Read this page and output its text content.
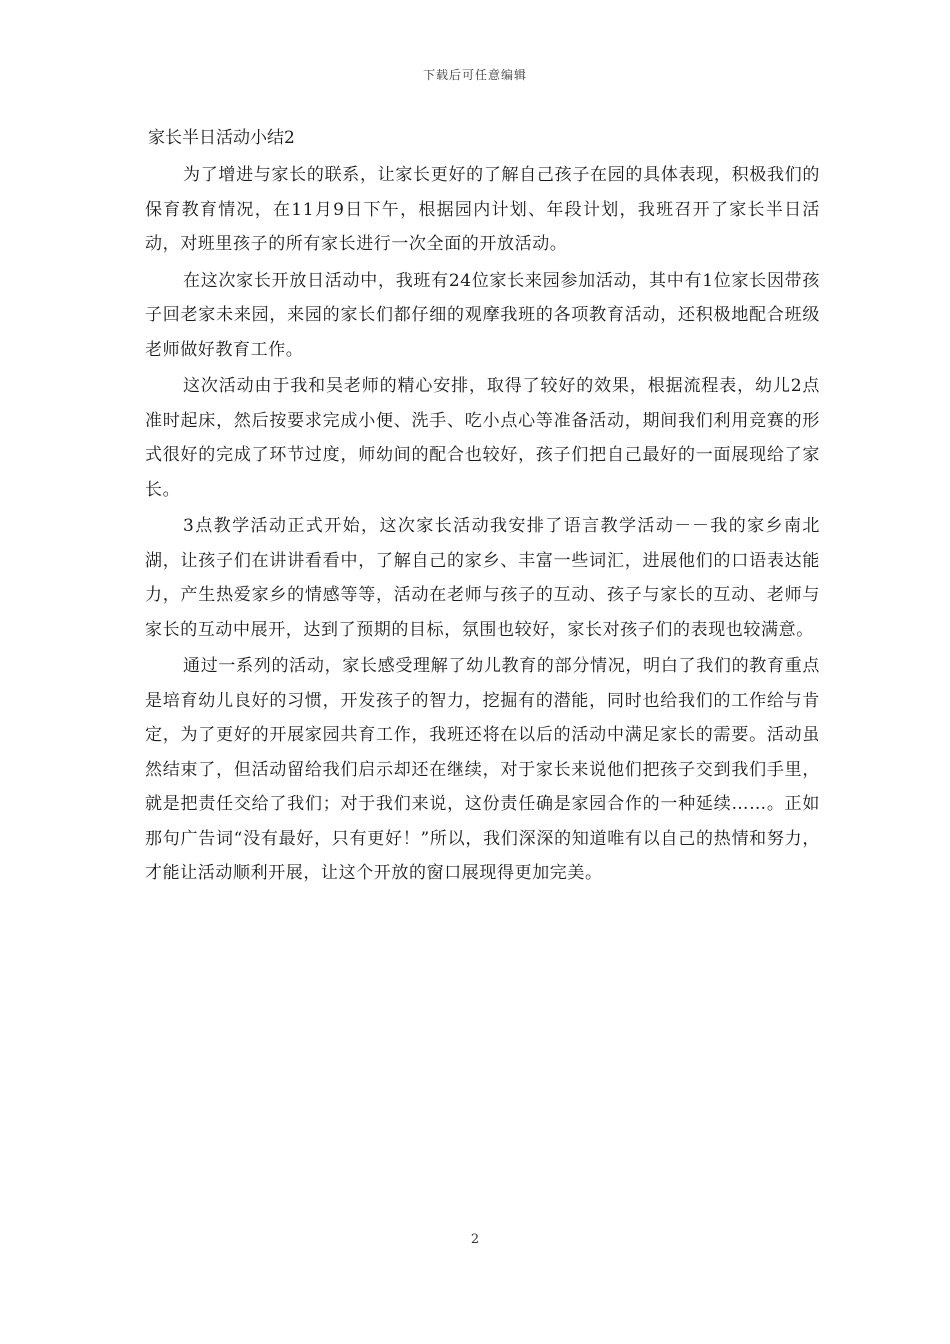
下载后可任意编辑
家长半日活动小结2

为了增进与家长的联系，让家长更好的了解自己孩子在园的具体表现，积极我们的保育教育情况，在11月9日下午，根据园内计划、年段计划，我班召开了家长半日活动，对班里孩子的所有家长进行一次全面的开放活动。

在这次家长开放日活动中，我班有24位家长来园参加活动，其中有1位家长因带孩子回老家未来园，来园的家长们都仔细的观摩我班的各项教育活动，还积极地配合班级老师做好教育工作。

这次活动由于我和吴老师的精心安排，取得了较好的效果，根据流程表，幼儿2点准时起床，然后按要求完成小便、洗手、吃小点心等准备活动，期间我们利用竞赛的形式很好的完成了环节过度，师幼间的配合也较好，孩子们把自己最好的一面展现给了家长。

3点教学活动正式开始，这次家长活动我安排了语言教学活动－－我的家乡南北湖，让孩子们在讲讲看看中，了解自己的家乡、丰富一些词汇，进展他们的口语表达能力，产生热爱家乡的情感等等，活动在老师与孩子的互动、孩子与家长的互动、老师与家长的互动中展开，达到了预期的目标，氛围也较好，家长对孩子们的表现也较满意。

通过一系列的活动，家长感受理解了幼儿教育的部分情况，明白了我们的教育重点是培育幼儿良好的习惯，开发孩子的智力，挖掘有的潜能，同时也给我们的工作给与肯定，为了更好的开展家园共育工作，我班还将在以后的活动中满足家长的需要。活动虽然结束了，但活动留给我们启示却还在继续，对于家长来说他们把孩子交到我们手里，就是把责任交给了我们；对于我们来说，这份责任确是家园合作的一种延续……。正如那句广告词“没有最好，只有更好！”所以，我们深深的知道唯有以自己的热情和努力，才能让活动顺利开展，让这个开放的窗口展现得更加完美。

2
